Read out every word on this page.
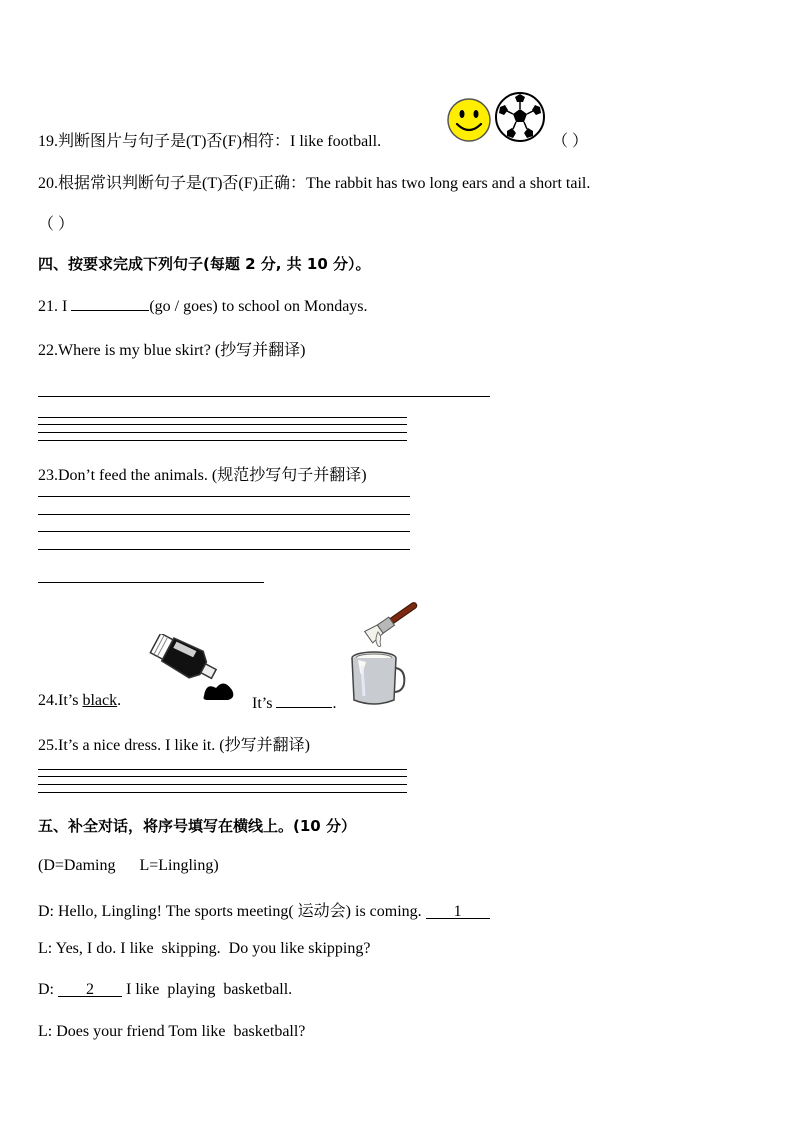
19.判断图片与句子是(T)否(F)相符：I like football.	（ ）
20.根据常识判断句子是(T)否(F)正确：The rabbit has two long ears and a short tail.
（ ）
四、按要求完成下列句子(每题 2 分, 共 10 分）。
21. I	(go / goes) to school on Mondays.
22.Where is my blue skirt? (抄写并翻译)
23.Don’t feed the animals. (规范抄写句子并翻译)
24.It’s black.	It’s	.
25.It’s a nice dress. I like it. (抄写并翻译)
五、补全对话，将序号填写在横线上。(10 分）
(D=Daming      L=Lingling)
D: Hello, Lingling! The sports meeting( 运动会) is coming. 1
L: Yes, I do. I like  skipping.  Do you like skipping?
D: 2 I like  playing  basketball.
L: Does your friend Tom like  basketball?
